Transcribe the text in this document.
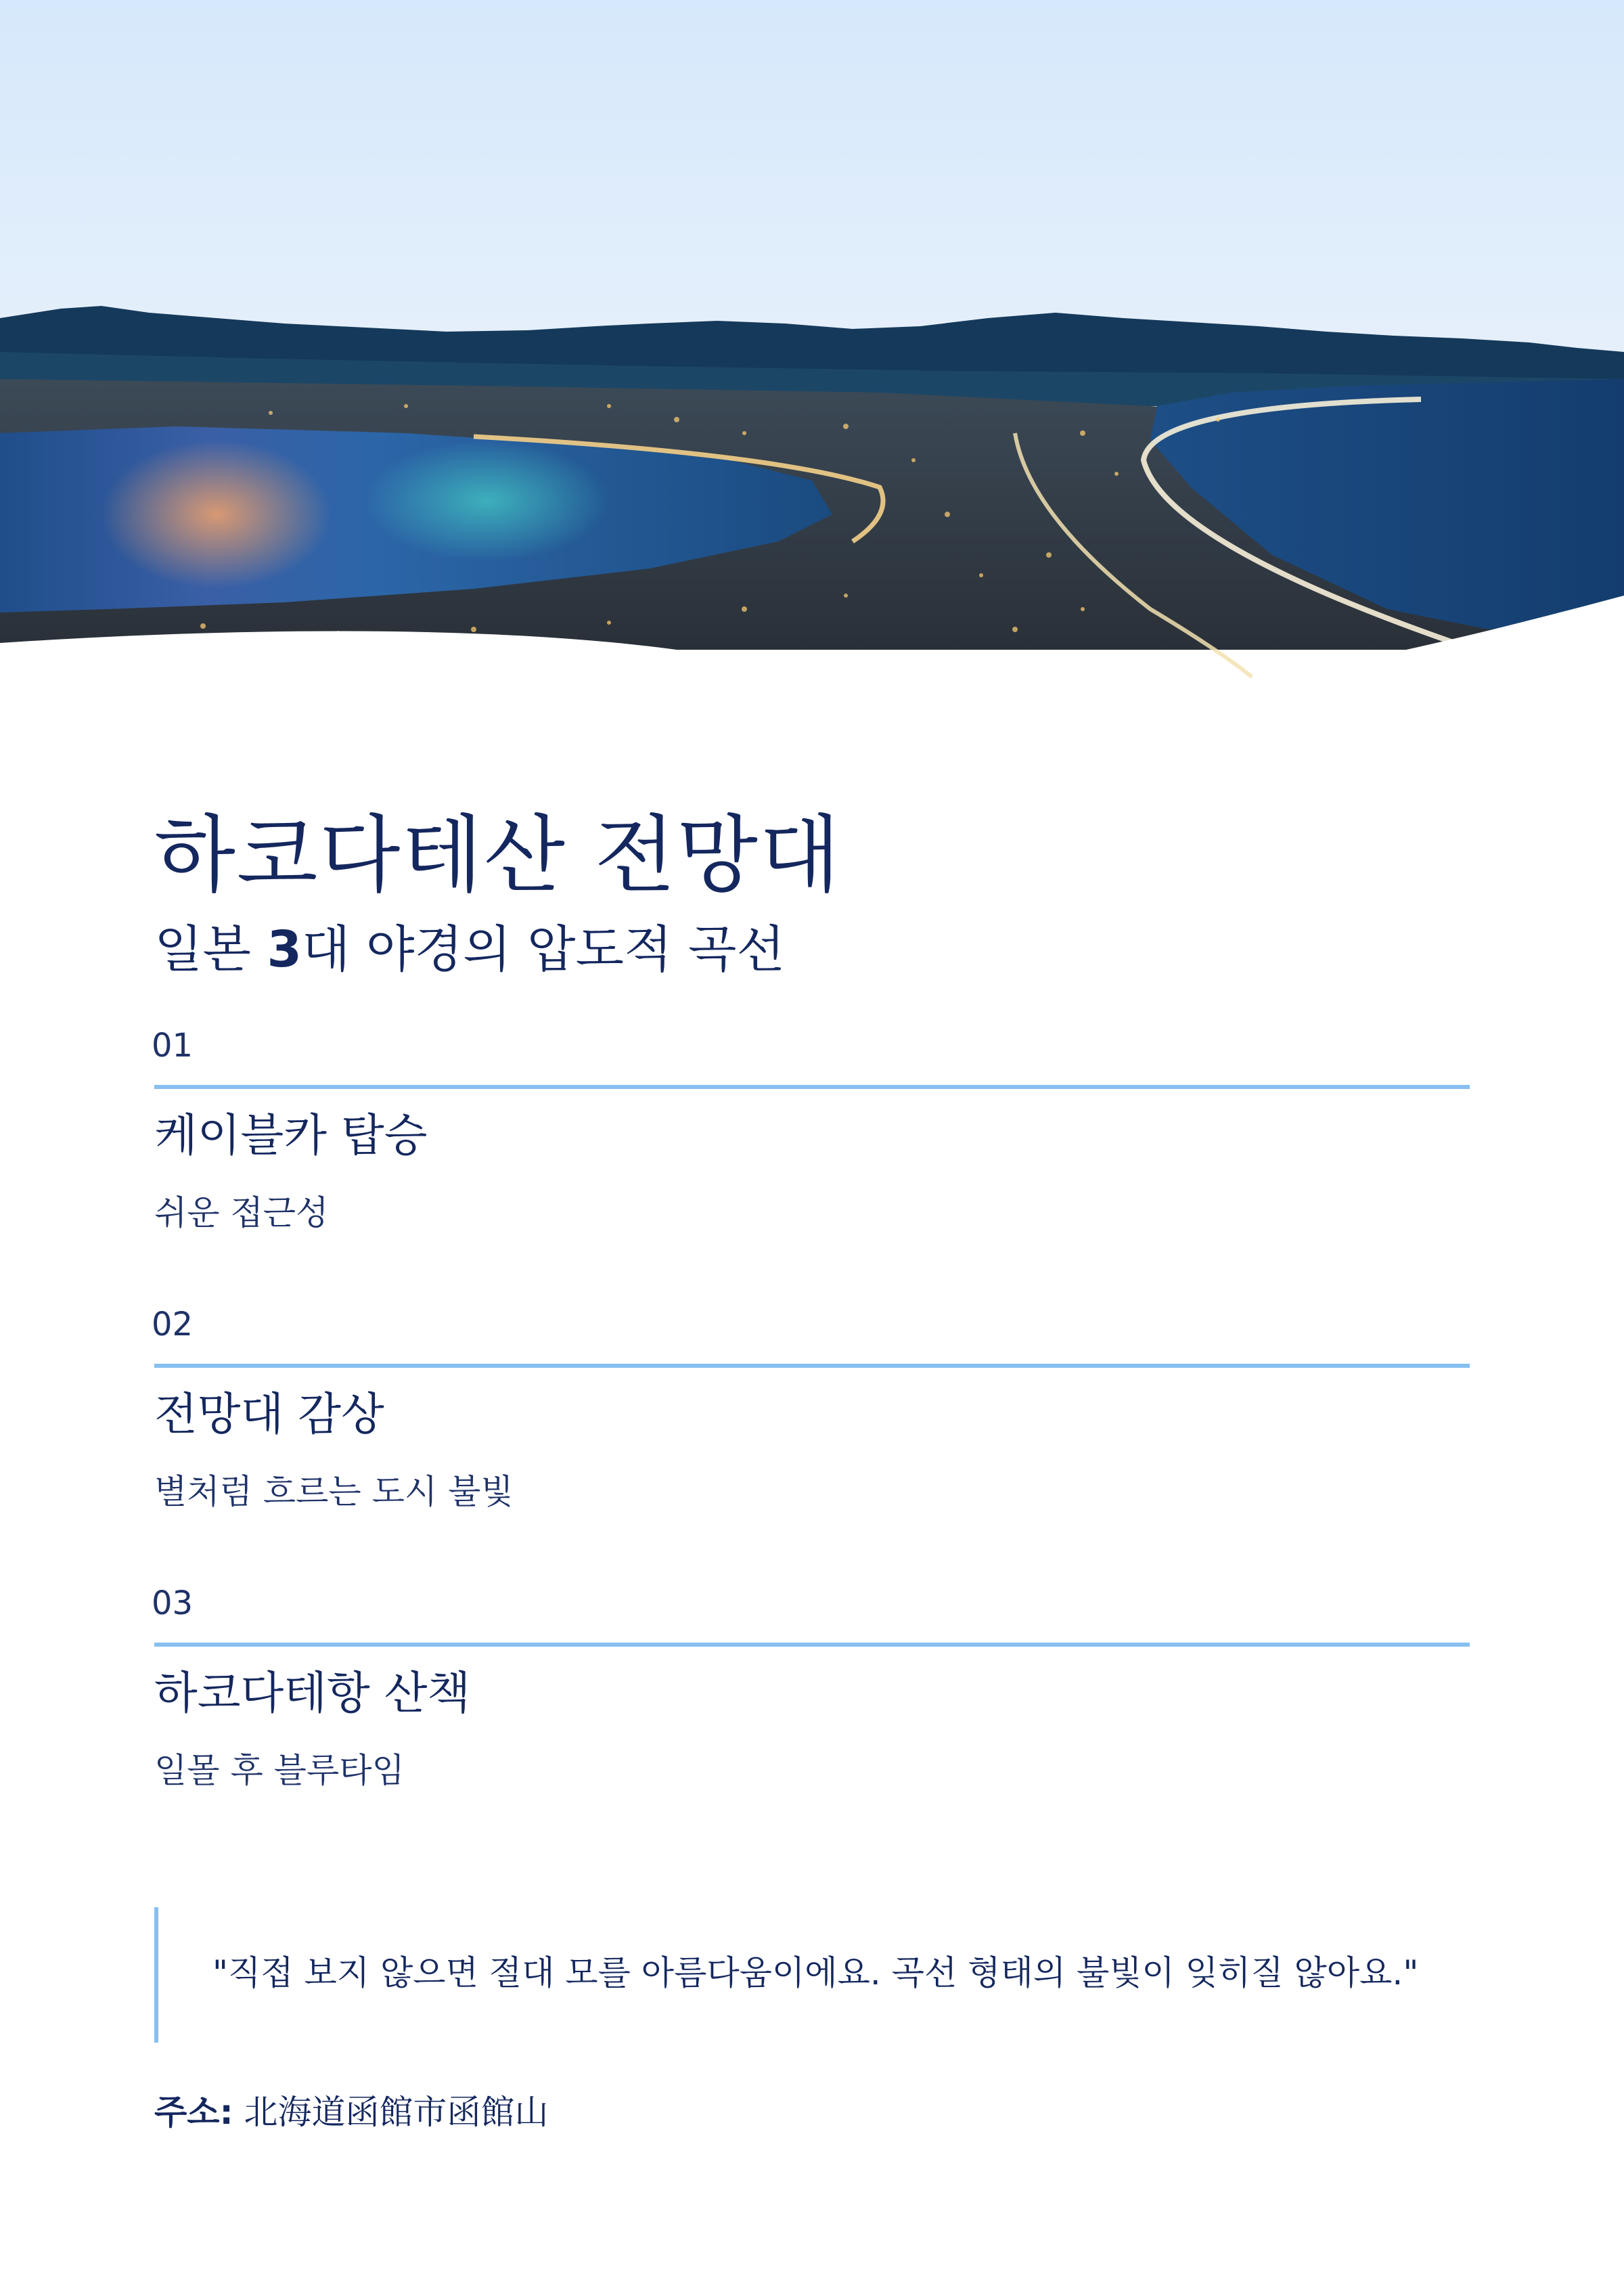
하코다테산 전망대

일본 3대 야경의 압도적 곡선

01
케이블카 탑승
쉬운 접근성
02
전망대 감상
별처럼 흐르는 도시 불빛
03
하코다테항 산책
일몰 후 블루타임
"직접 보지 않으면 절대 모를 아름다움이에요. 곡선 형태의 불빛이 잊히질 않아요."
주소: 北海道函館市函館山
